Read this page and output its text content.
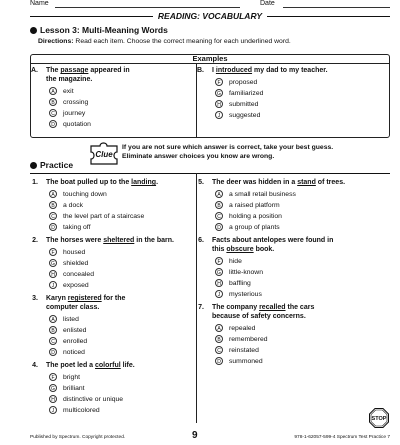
Name	Date
READING: VOCABULARY
Lesson 3: Multi-Meaning Words
Directions: Read each item. Choose the correct meaning for each underlined word.
Examples
A. The passage appeared in
the magazine.
A exit
B crossing
C journey
D quotation
B. I introduced my dad to my teacher.
F proposed
G familiarized
H submitted
J suggested
Clue
If you are not sure which answer is correct, take your best guess.
Eliminate answer choices you know are wrong.
Practice
1. The boat pulled up to the landing.
A touching down
B a dock
C the level part of a staircase
D taking off
2. The horses were sheltered in the barn.
F housed
G shielded
H concealed
J exposed
3. Karyn registered for the
computer class.
A listed
B enlisted
C enrolled
D noticed
4. The poet led a colorful life.
F bright
G brilliant
H distinctive or unique
J multicolored
5. The deer was hidden in a stand of trees.
A a small retail business
B a raised platform
C holding a position
D a group of plants
6. Facts about antelopes were found in
this obscure book.
F hide
G little-known
H baffling
J mysterious
7. The company recalled the cars
because of safety concerns.
A repealed
B remembered
C reinstated
D summoned
STOP
Published by Spectrum. Copyright protected.	9	978-1-62057-599-4 Spectrum Test Practice 7
